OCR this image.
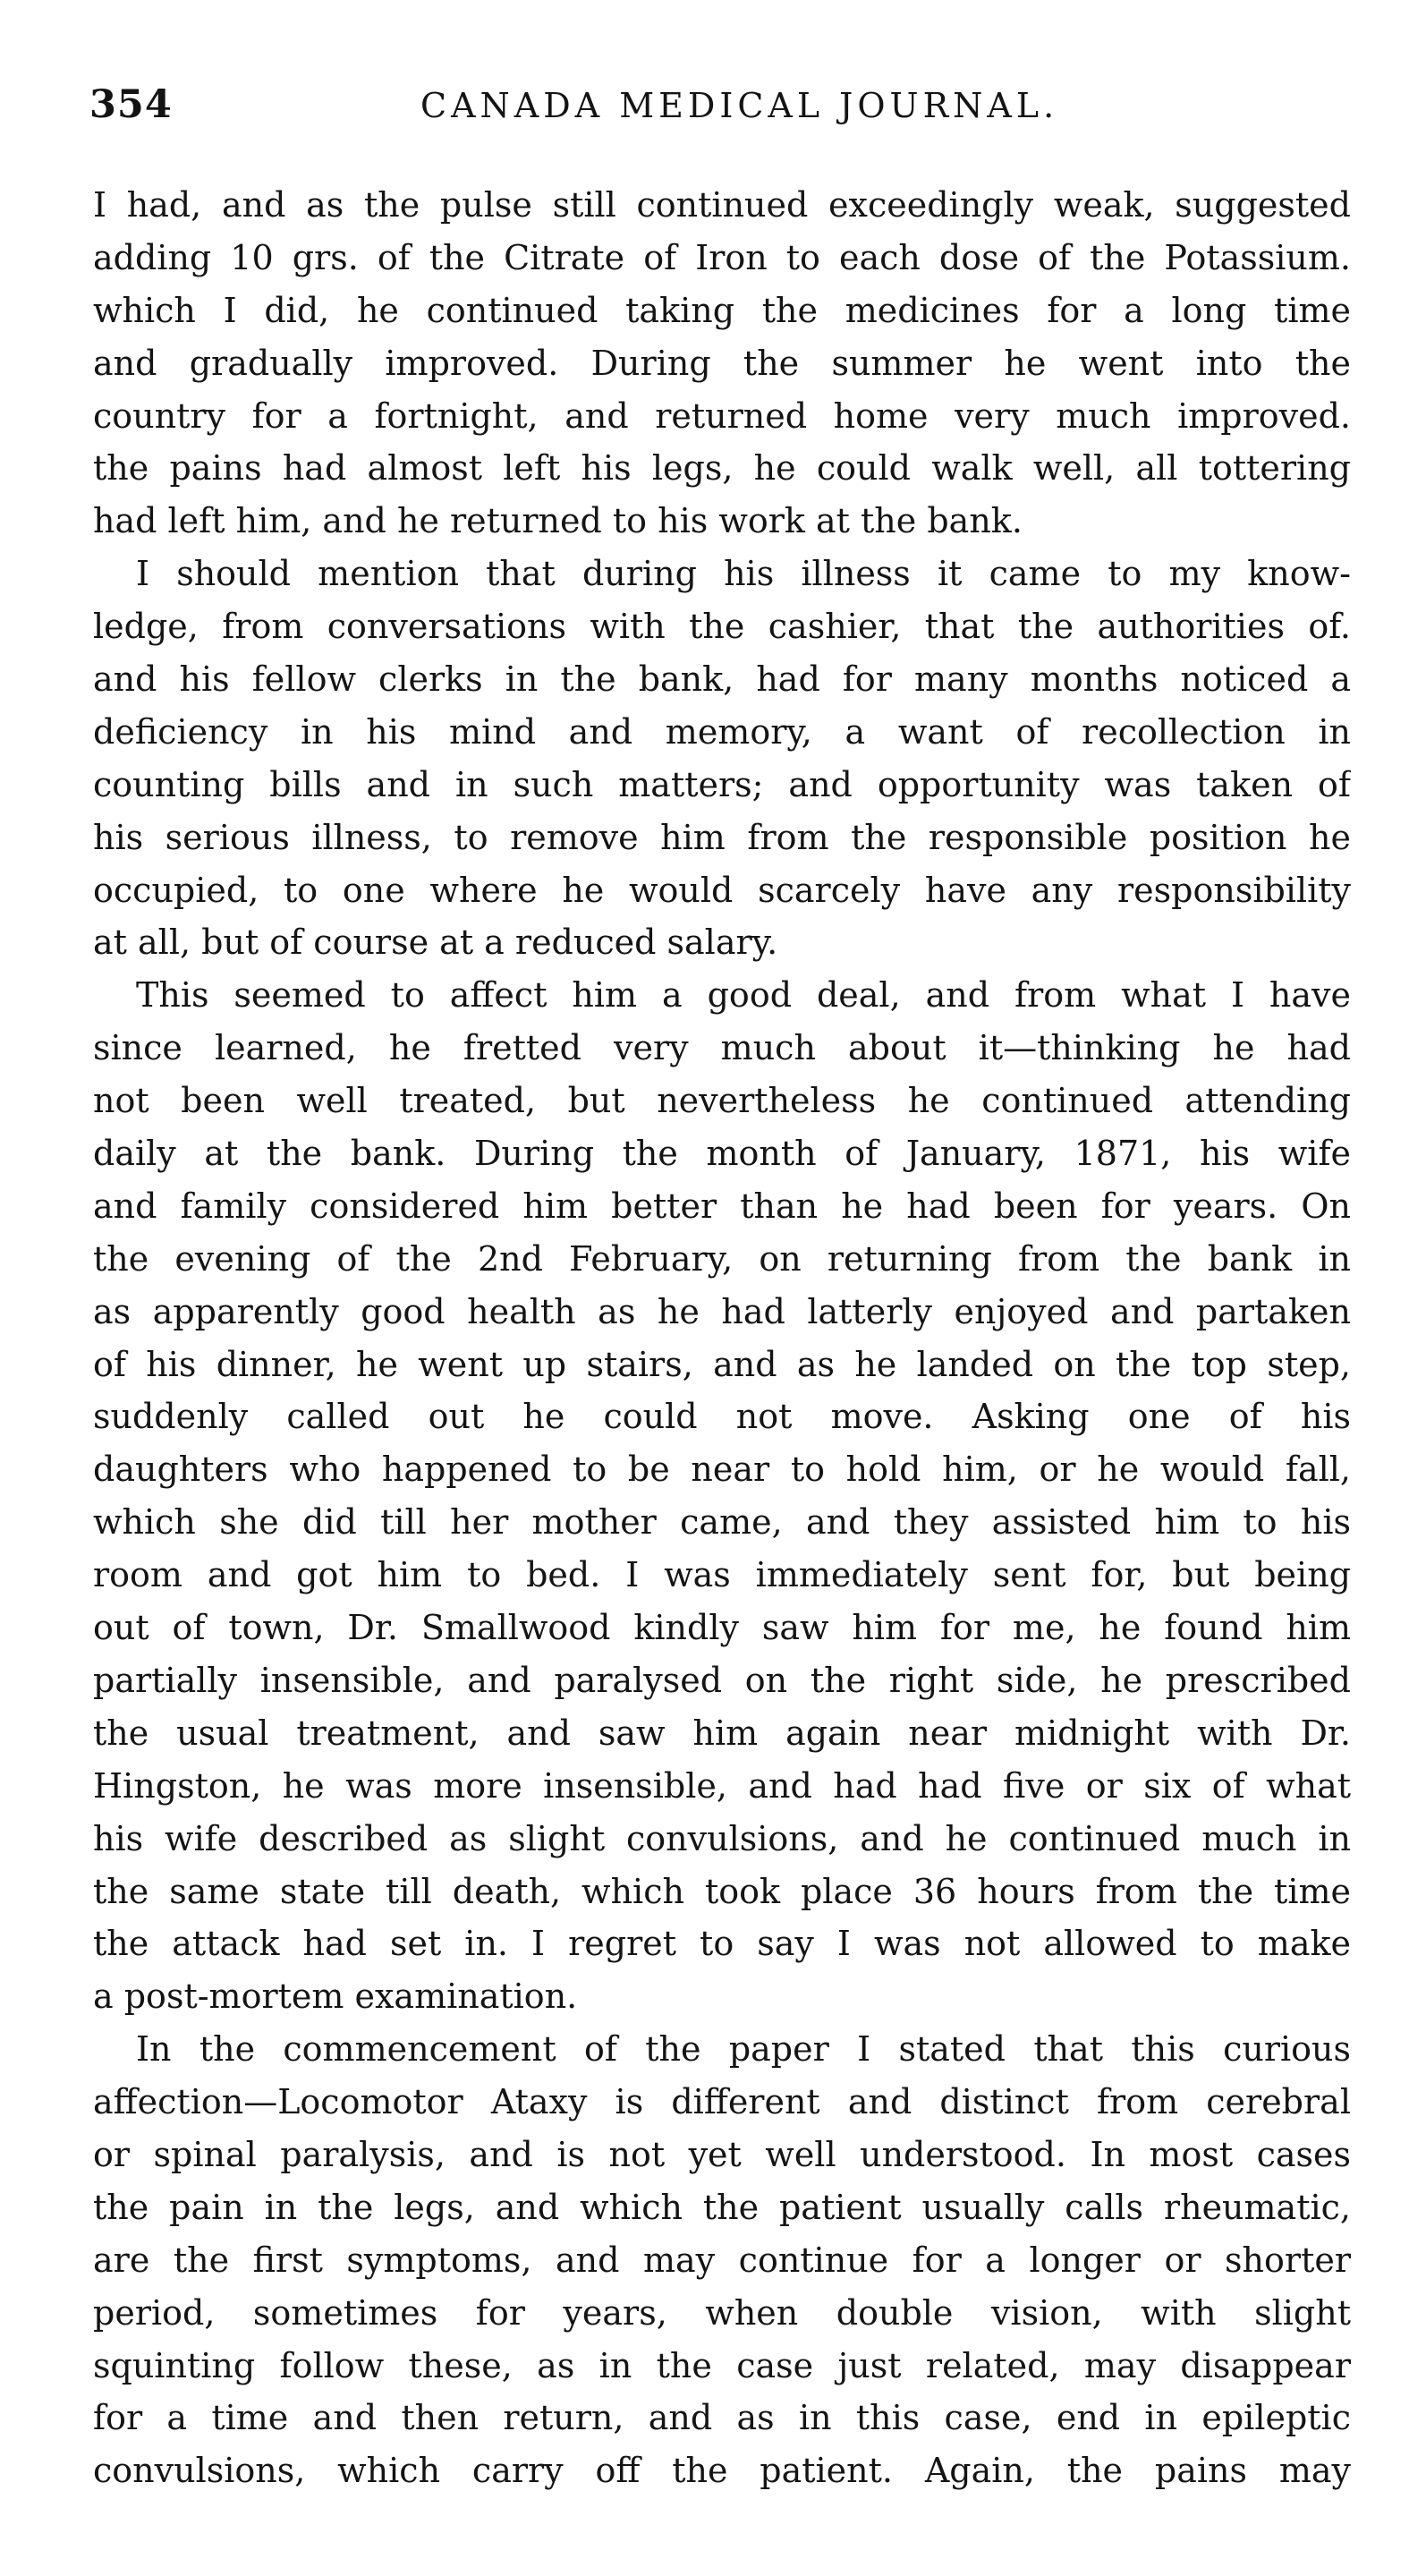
354	CANADA MEDICAL JOURNAL.
I had, and as the pulse still continued exceedingly weak, suggested
adding 10 grs. of the Citrate of Iron to each dose of the Potassium.
which I did, he continued taking the medicines for a long time
and gradually improved. During the summer he went into the
country for a fortnight, and returned home very much improved.
the pains had almost left his legs, he could walk well, all tottering
had left him, and he returned to his work at the bank.
I should mention that during his illness it came to my know-
ledge, from conversations with the cashier, that the authorities of.
and his fellow clerks in the bank, had for many months noticed a
deficiency in his mind and memory, a want of recollection in
counting bills and in such matters; and opportunity was taken of
his serious illness, to remove him from the responsible position he
occupied, to one where he would scarcely have any responsibility
at all, but of course at a reduced salary.
This seemed to affect him a good deal, and from what I have
since learned, he fretted very much about it—thinking he had
not been well treated, but nevertheless he continued attending
daily at the bank. During the month of January, 1871, his wife
and family considered him better than he had been for years. On
the evening of the 2nd February, on returning from the bank in
as apparently good health as he had latterly enjoyed and partaken
of his dinner, he went up stairs, and as he landed on the top step,
suddenly called out he could not move. Asking one of his
daughters who happened to be near to hold him, or he would fall,
which she did till her mother came, and they assisted him to his
room and got him to bed. I was immediately sent for, but being
out of town, Dr. Smallwood kindly saw him for me, he found him
partially insensible, and paralysed on the right side, he prescribed
the usual treatment, and saw him again near midnight with Dr.
Hingston, he was more insensible, and had had five or six of what
his wife described as slight convulsions, and he continued much in
the same state till death, which took place 36 hours from the time
the attack had set in. I regret to say I was not allowed to make
a post-mortem examination.
In the commencement of the paper I stated that this curious
affection—Locomotor Ataxy is different and distinct from cerebral
or spinal paralysis, and is not yet well understood. In most cases
the pain in the legs, and which the patient usually calls rheumatic,
are the first symptoms, and may continue for a longer or shorter
period, sometimes for years, when double vision, with slight
squinting follow these, as in the case just related, may disappear
for a time and then return, and as in this case, end in epileptic
convulsions, which carry off the patient. Again, the pains may
